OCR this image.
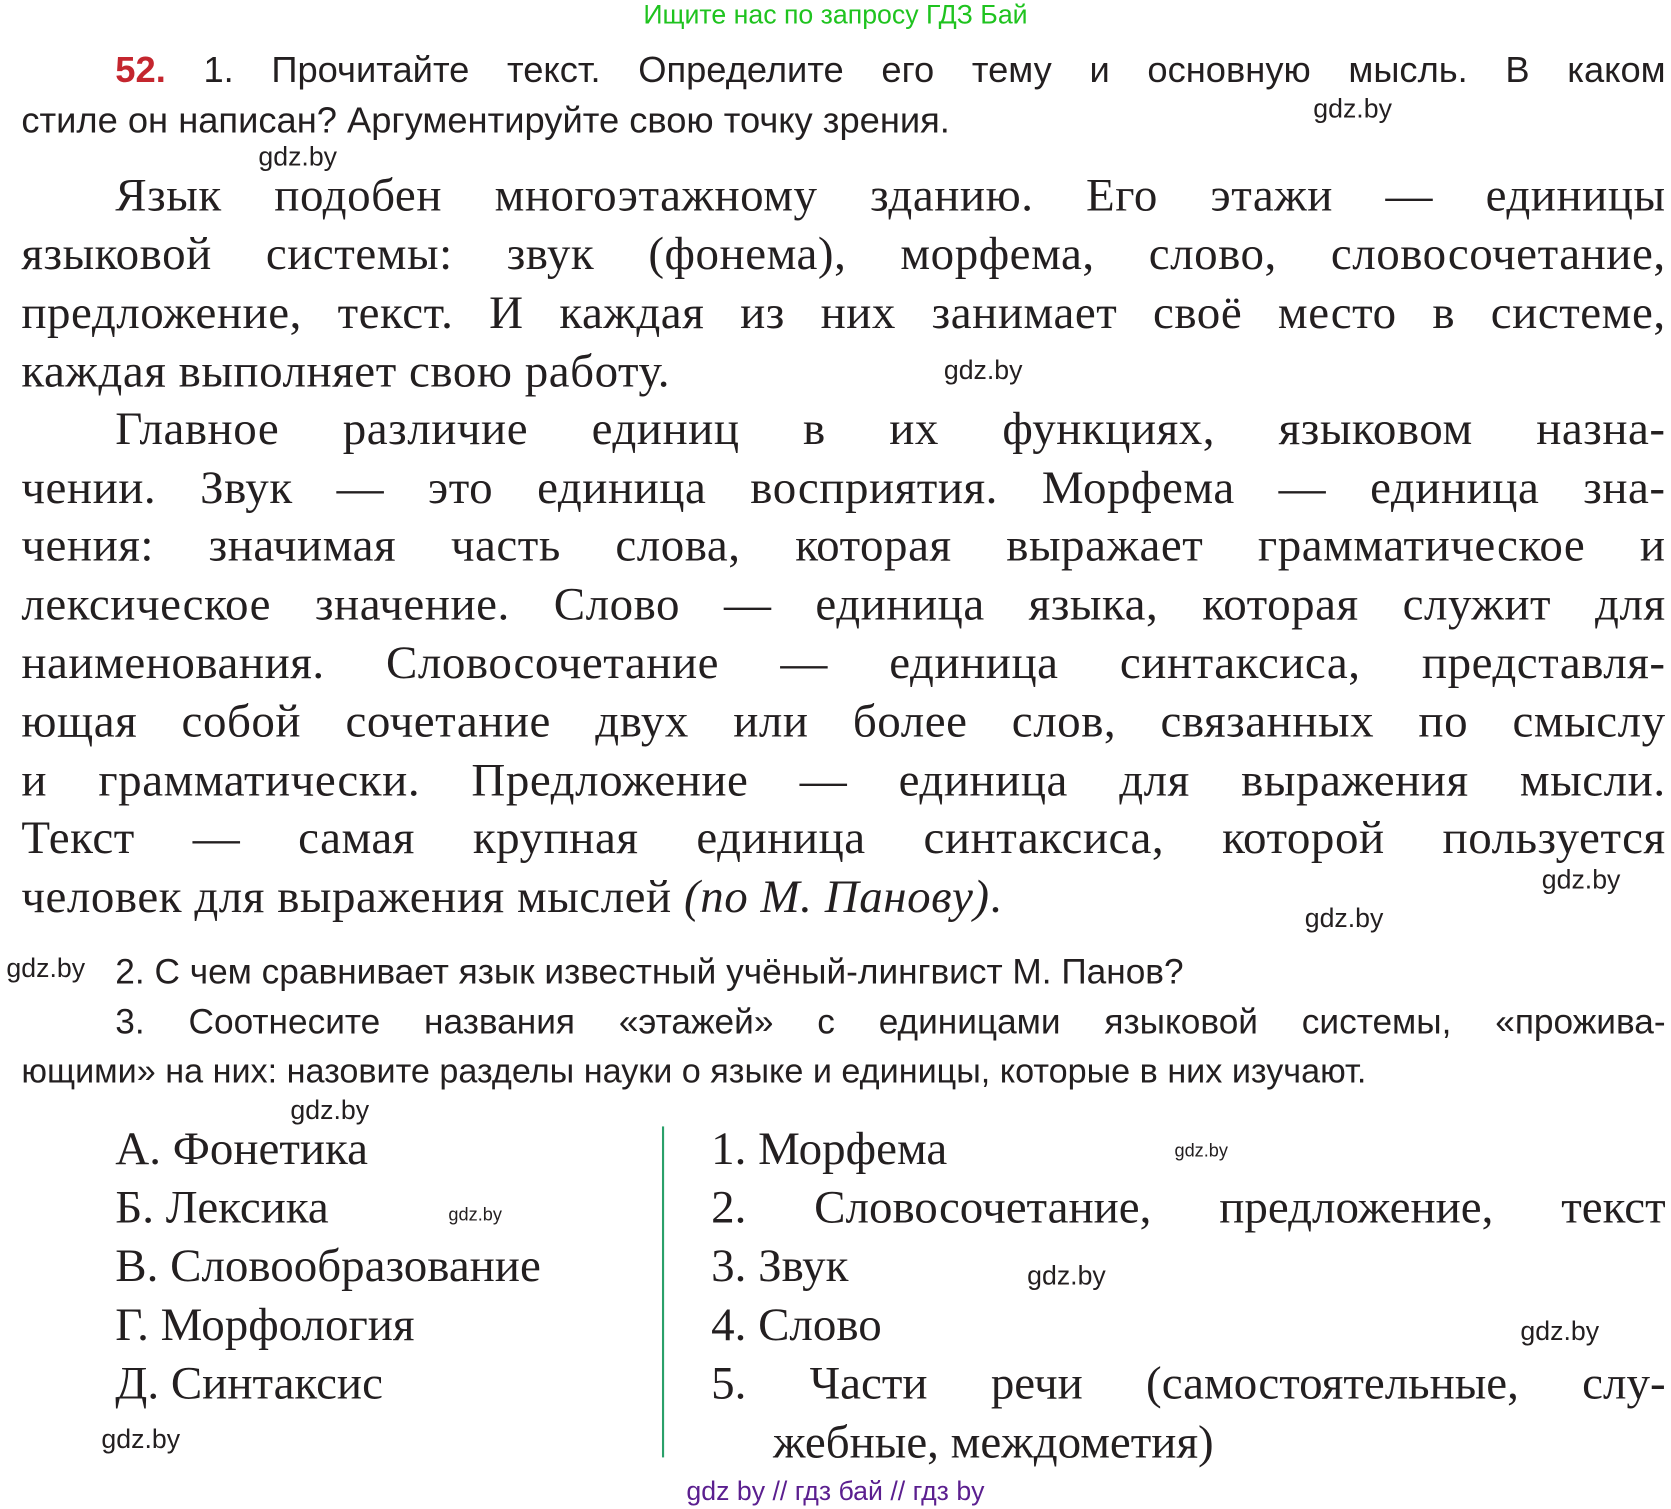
Ищите нас по запросу ГДЗ Бай
52. 1. Прочитайте текст. Определите его тему и основную мысль. В каком
стиле он написан? Аргументируйте свою точку зрения.
Язык подобен многоэтажному зданию. Его этажи — единицы
языковой системы: звук (фонема), морфема, слово, словосочетание,
предложение, текст. И каждая из них занимает своё место в системе,
каждая выполняет свою работу.
Главное различие единиц в их функциях, языковом назна-
чении. Звук — это единица восприятия. Морфема — единица зна-
чения: значимая часть слова, которая выражает грамматическое и
лексическое значение. Слово — единица языка, которая служит для
наименования. Словосочетание — единица синтаксиса, представля-
ющая собой сочетание двух или более слов, связанных по смыслу
и грамматически. Предложение — единица для выражения мысли.
Текст — самая крупная единица синтаксиса, которой пользуется
человек для выражения мыслей (по М. Панову).
2. С чем сравнивает язык известный учёный-лингвист М. Панов?
3. Соотнесите названия «этажей» с единицами языковой системы, «прожива-
ющими» на них: назовите разделы науки о языке и единицы, которые в них изучают.
А. Фонетика
Б. Лексика
В. Словообразование
Г. Морфология
Д. Синтаксис
1. Морфема
2. Словосочетание, предложение, текст
3. Звук
4. Слово
5. Части речи (самостоятельные, слу-
жебные, междометия)
gdz.by
gdz.by
gdz.by
gdz.by
gdz.by
gdz.by
gdz.by
gdz.by
gdz.by
gdz.by
gdz.by
gdz.by
gdz by // гдз бай // гдз by
